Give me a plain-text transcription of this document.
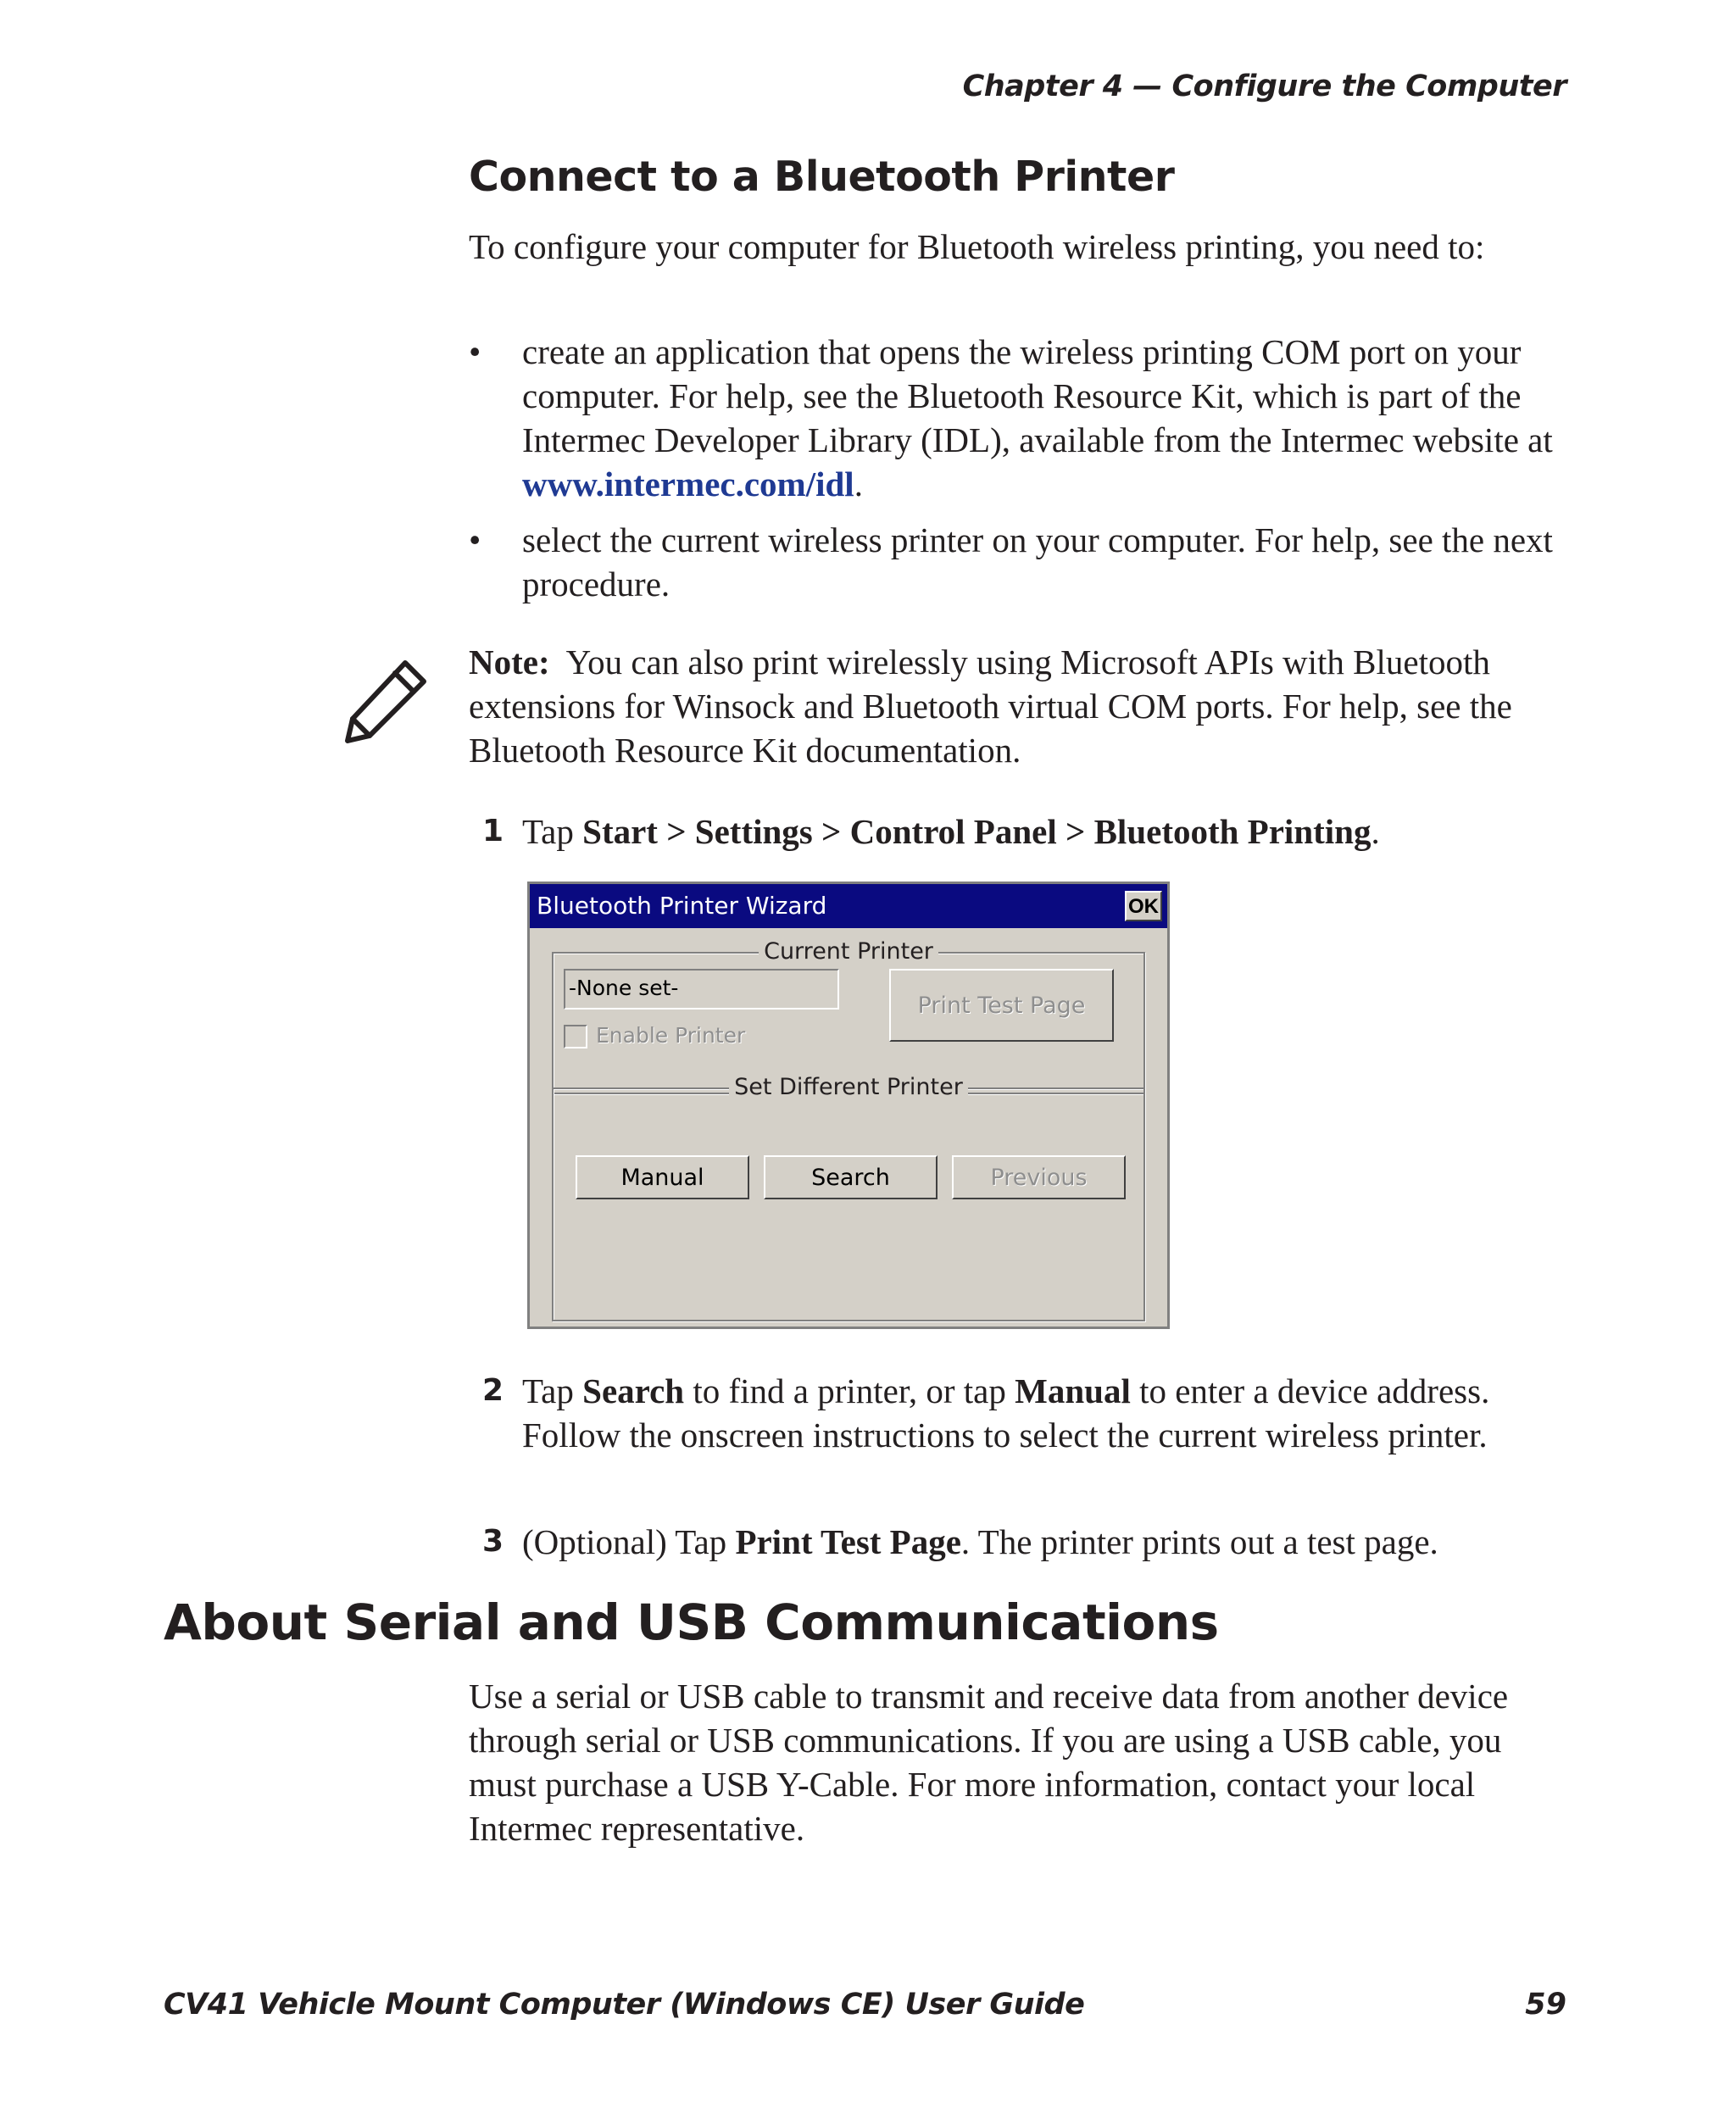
Chapter 4 — Configure the Computer
Connect to a Bluetooth Printer

To configure your computer for Bluetooth wireless printing, you need to:

• create an application that opens the wireless printing COM port on your computer. For help, see the Bluetooth Resource Kit, which is part of the Intermec Developer Library (IDL), available from the Intermec website at www.intermec.com/idl.
• select the current wireless printer on your computer. For help, see the next procedure.

Note: You can also print wirelessly using Microsoft APIs with Bluetooth extensions for Winsock and Bluetooth virtual COM ports. For help, see the Bluetooth Resource Kit documentation.

1 Tap Start > Settings > Control Panel > Bluetooth Printing.
Bluetooth Printer Wizard	OK
Current Printer
-None set-
Enable Printer
Print Test Page
Set Different Printer
Manual	Search	Previous
2 Tap Search to find a printer, or tap Manual to enter a device address. Follow the onscreen instructions to select the current wireless printer.
3 (Optional) Tap Print Test Page. The printer prints out a test page.
About Serial and USB Communications

Use a serial or USB cable to transmit and receive data from another device through serial or USB communications. If you are using a USB cable, you must purchase a USB Y-Cable. For more information, contact your local Intermec representative.

CV41 Vehicle Mount Computer (Windows CE) User Guide	59
